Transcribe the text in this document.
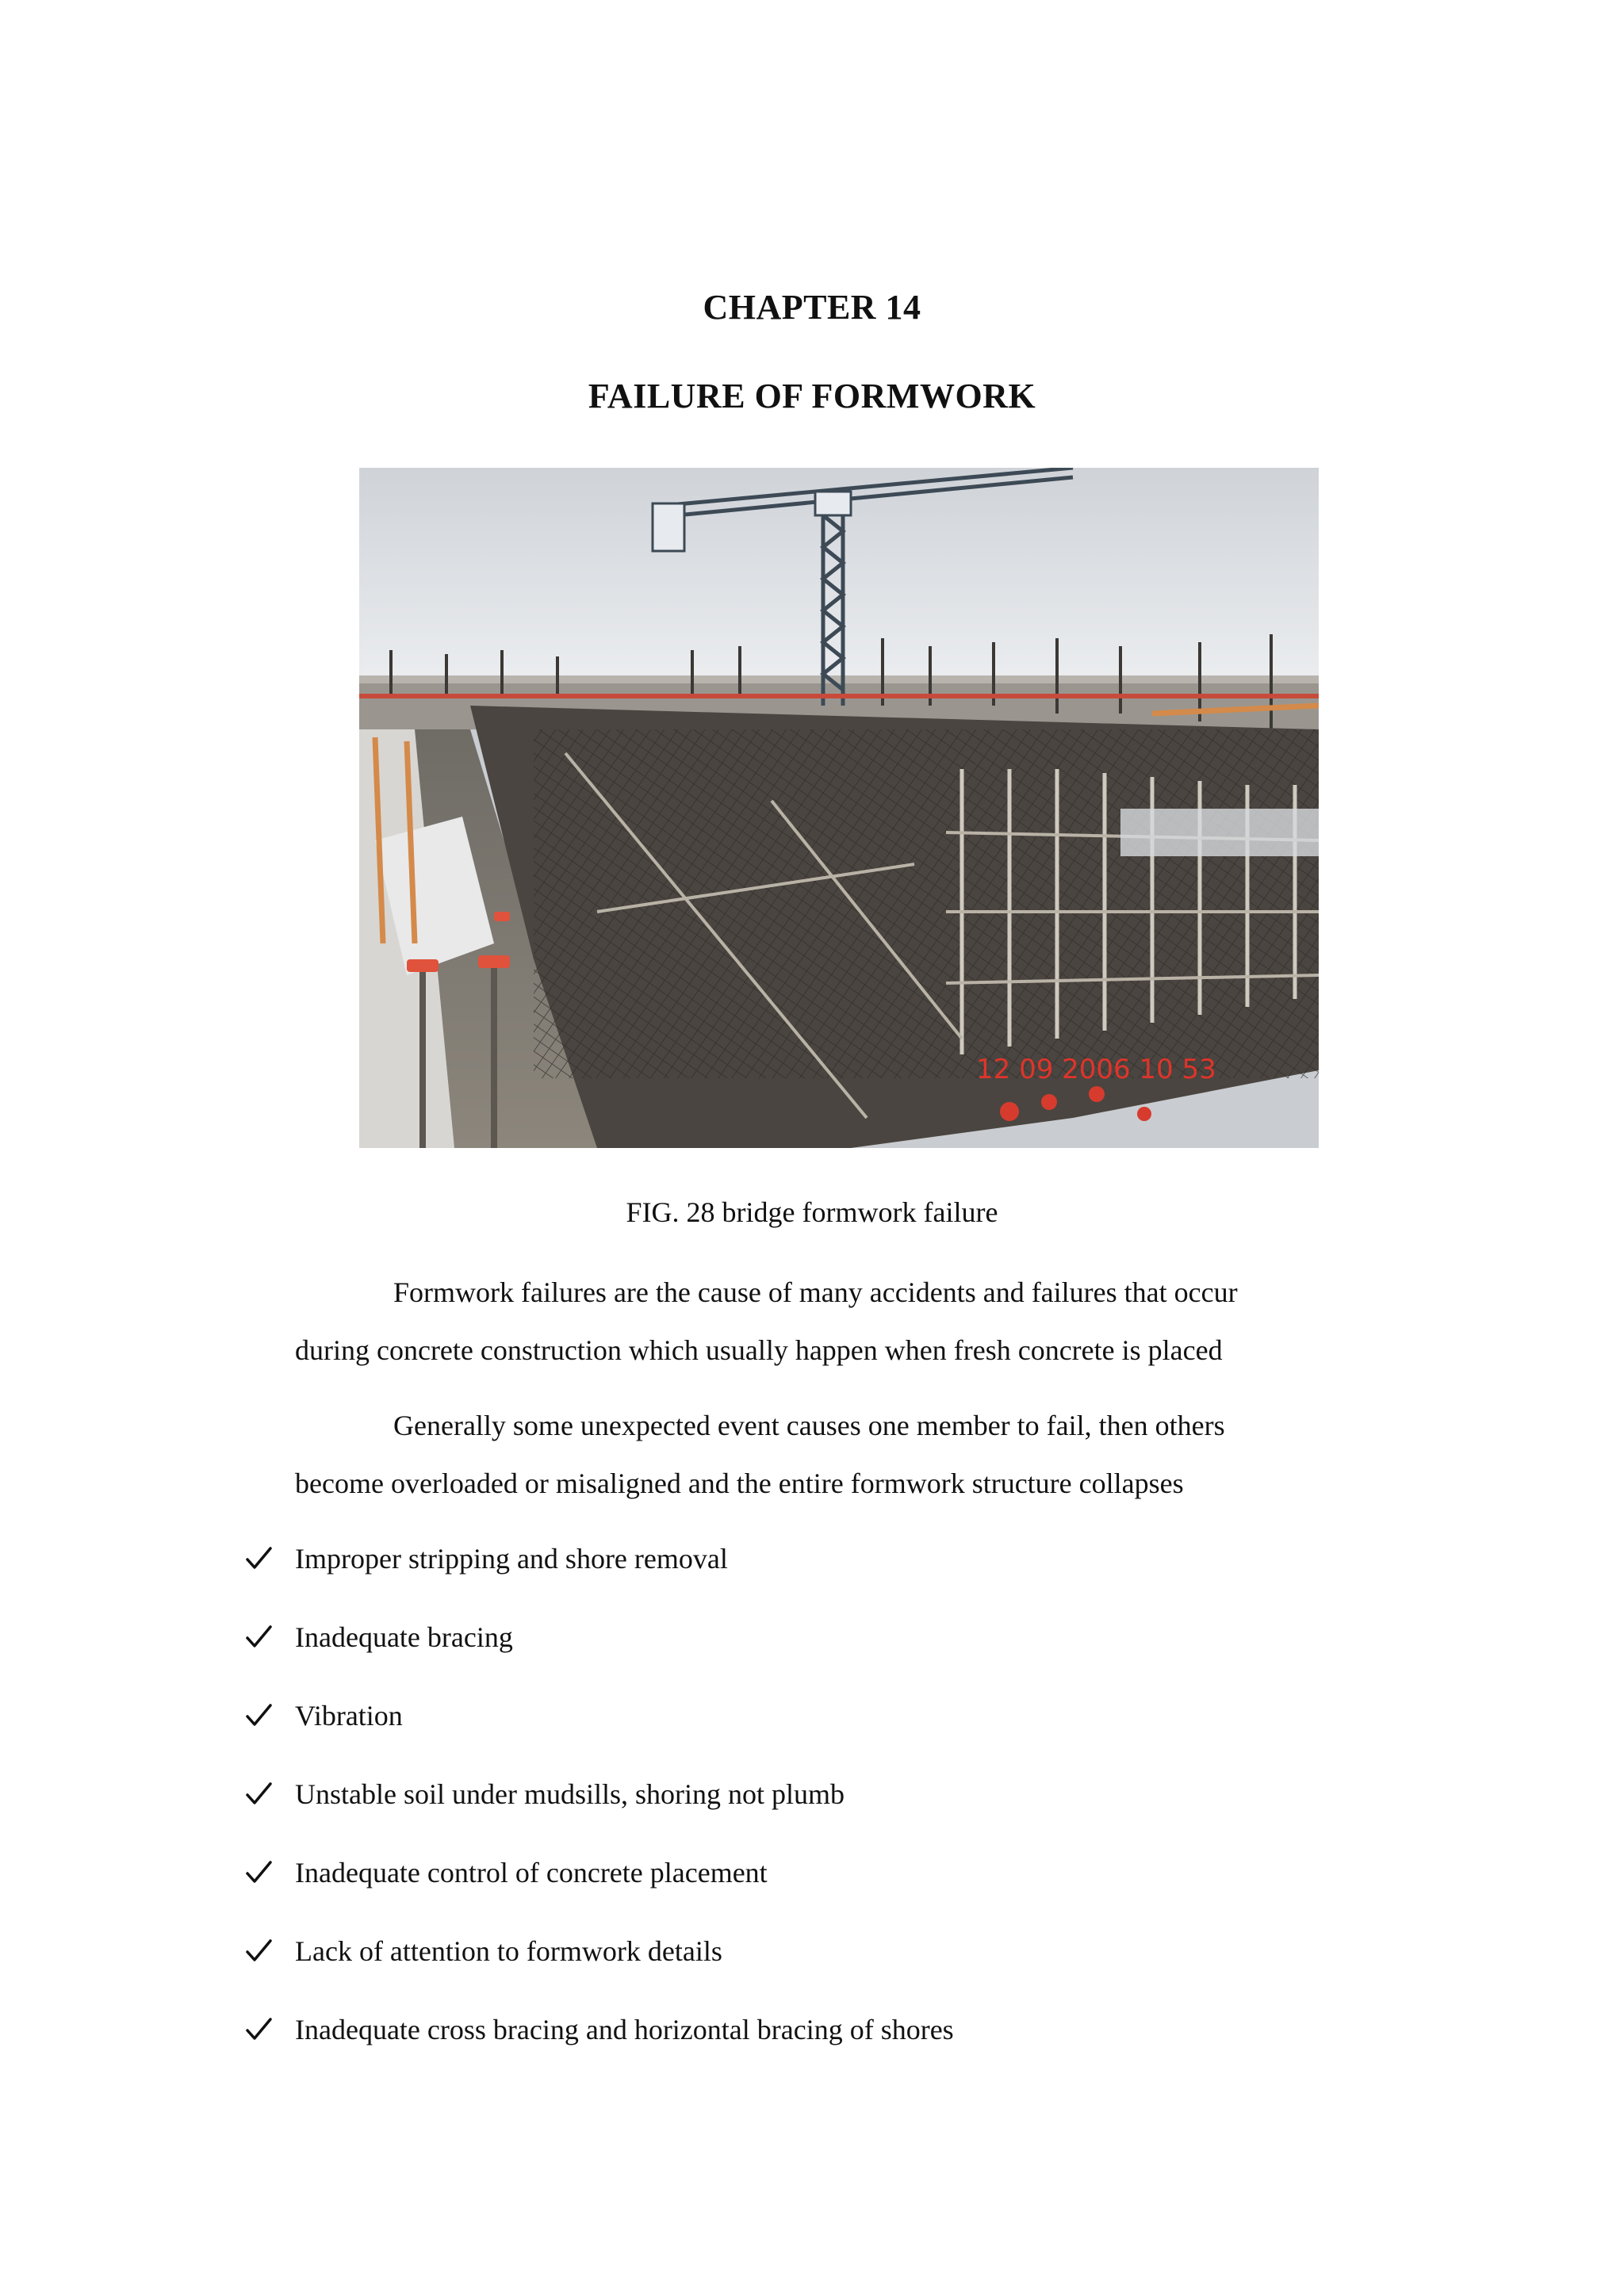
CHAPTER 14
FAILURE OF FORMWORK
12 09 2006 10 53
FIG. 28 bridge formwork failure
Formwork failures are the cause of many accidents and failures that occur
during concrete construction which usually happen when fresh concrete is placed
Generally some unexpected event causes one member to fail, then others
become overloaded or misaligned and the entire formwork structure collapses
Improper stripping and shore removal
Inadequate bracing
Vibration
Unstable soil under mudsills, shoring not plumb
Inadequate control of concrete placement
Lack of attention to formwork details
Inadequate cross bracing and horizontal bracing of shores
